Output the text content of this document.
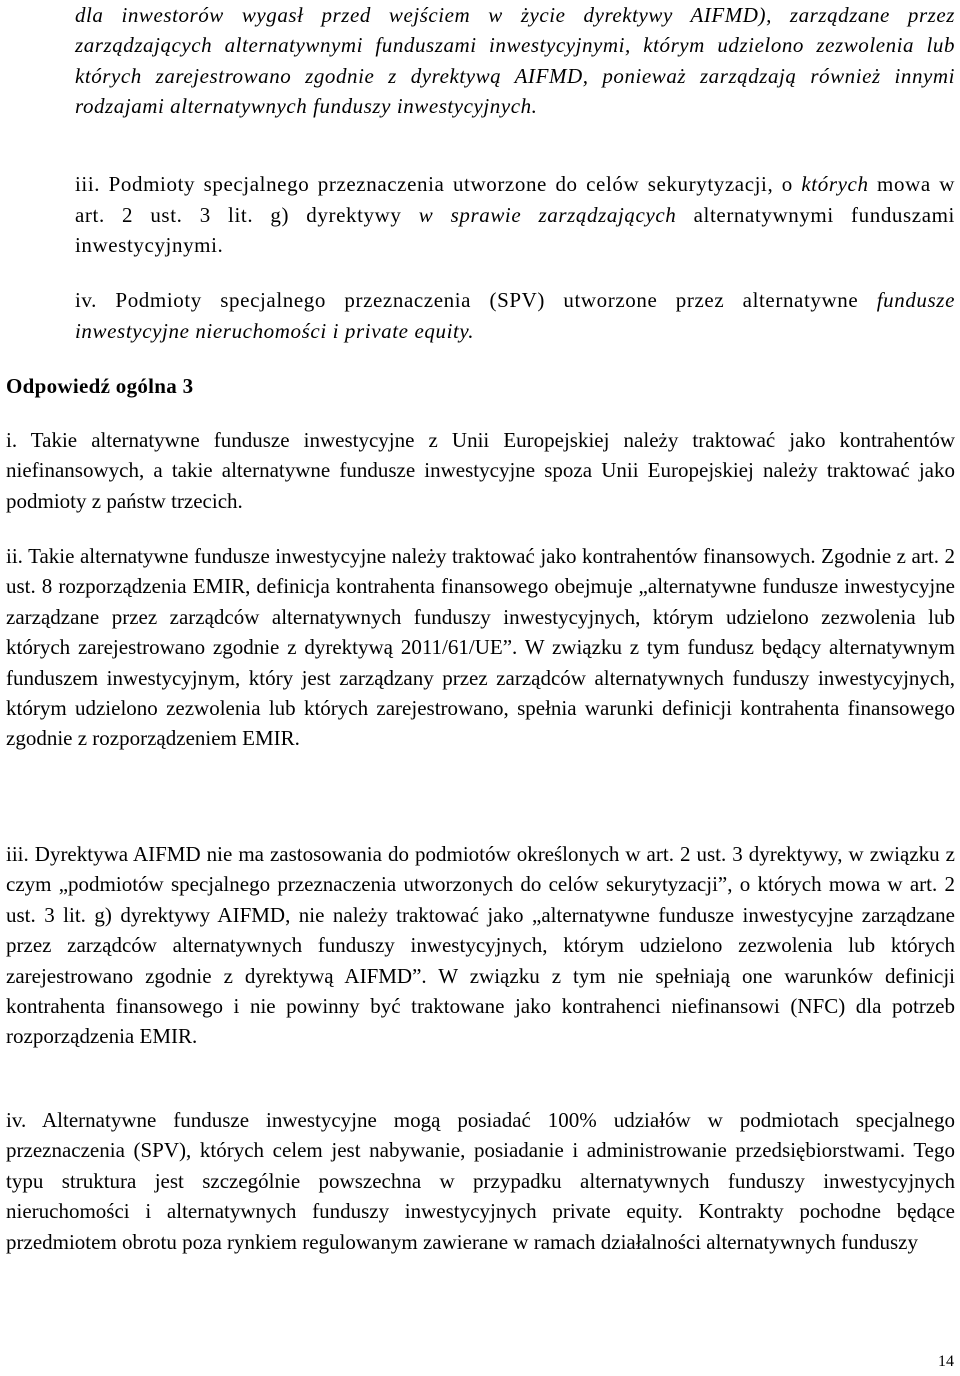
dla inwestorów wygasł przed wejściem w życie dyrektywy AIFMD), zarządzane przez zarządzających alternatywnymi funduszami inwestycyjnymi, którym udzielono zezwolenia lub których zarejestrowano zgodnie z dyrektywą AIFMD, ponieważ zarządzają również innymi rodzajami alternatywnych funduszy inwestycyjnych.

iii. Podmioty specjalnego przeznaczenia utworzone do celów sekurytyzacji, o których mowa w art. 2 ust. 3 lit. g) dyrektywy w sprawie zarządzających alternatywnymi funduszami inwestycyjnymi.

iv. Podmioty specjalnego przeznaczenia (SPV) utworzone przez alternatywne fundusze inwestycyjne nieruchomości i private equity.

Odpowiedź ogólna 3

i. Takie alternatywne fundusze inwestycyjne z Unii Europejskiej należy traktować jako kontrahentów niefinansowych, a takie alternatywne fundusze inwestycyjne spoza Unii Europejskiej należy traktować jako podmioty z państw trzecich.

ii. Takie alternatywne fundusze inwestycyjne należy traktować jako kontrahentów finansowych. Zgodnie z art. 2 ust. 8 rozporządzenia EMIR, definicja kontrahenta finansowego obejmuje „alternatywne fundusze inwestycyjne zarządzane przez zarządców alternatywnych funduszy inwestycyjnych, którym udzielono zezwolenia lub których zarejestrowano zgodnie z dyrektywą 2011/61/UE”. W związku z tym fundusz będący alternatywnym funduszem inwestycyjnym, który jest zarządzany przez zarządców alternatywnych funduszy inwestycyjnych, którym udzielono zezwolenia lub których zarejestrowano, spełnia warunki definicji kontrahenta finansowego zgodnie z rozporządzeniem EMIR.

iii. Dyrektywa AIFMD nie ma zastosowania do podmiotów określonych w art. 2 ust. 3 dyrektywy, w związku z czym „podmiotów specjalnego przeznaczenia utworzonych do celów sekurytyzacji”, o których mowa w art. 2 ust. 3 lit. g) dyrektywy AIFMD, nie należy traktować jako „alternatywne fundusze inwestycyjne zarządzane przez zarządców alternatywnych funduszy inwestycyjnych, którym udzielono zezwolenia lub których zarejestrowano zgodnie z dyrektywą AIFMD”. W związku z tym nie spełniają one warunków definicji kontrahenta finansowego i nie powinny być traktowane jako kontrahenci niefinansowi (NFC) dla potrzeb rozporządzenia EMIR.

iv. Alternatywne fundusze inwestycyjne mogą posiadać 100% udziałów w podmiotach specjalnego przeznaczenia (SPV), których celem jest nabywanie, posiadanie i administrowanie przedsiębiorstwami. Tego typu struktura jest szczególnie powszechna w przypadku alternatywnych funduszy inwestycyjnych nieruchomości i alternatywnych funduszy inwestycyjnych private equity. Kontrakty pochodne będące przedmiotem obrotu poza rynkiem regulowanym zawierane w ramach działalności alternatywnych funduszy

14
